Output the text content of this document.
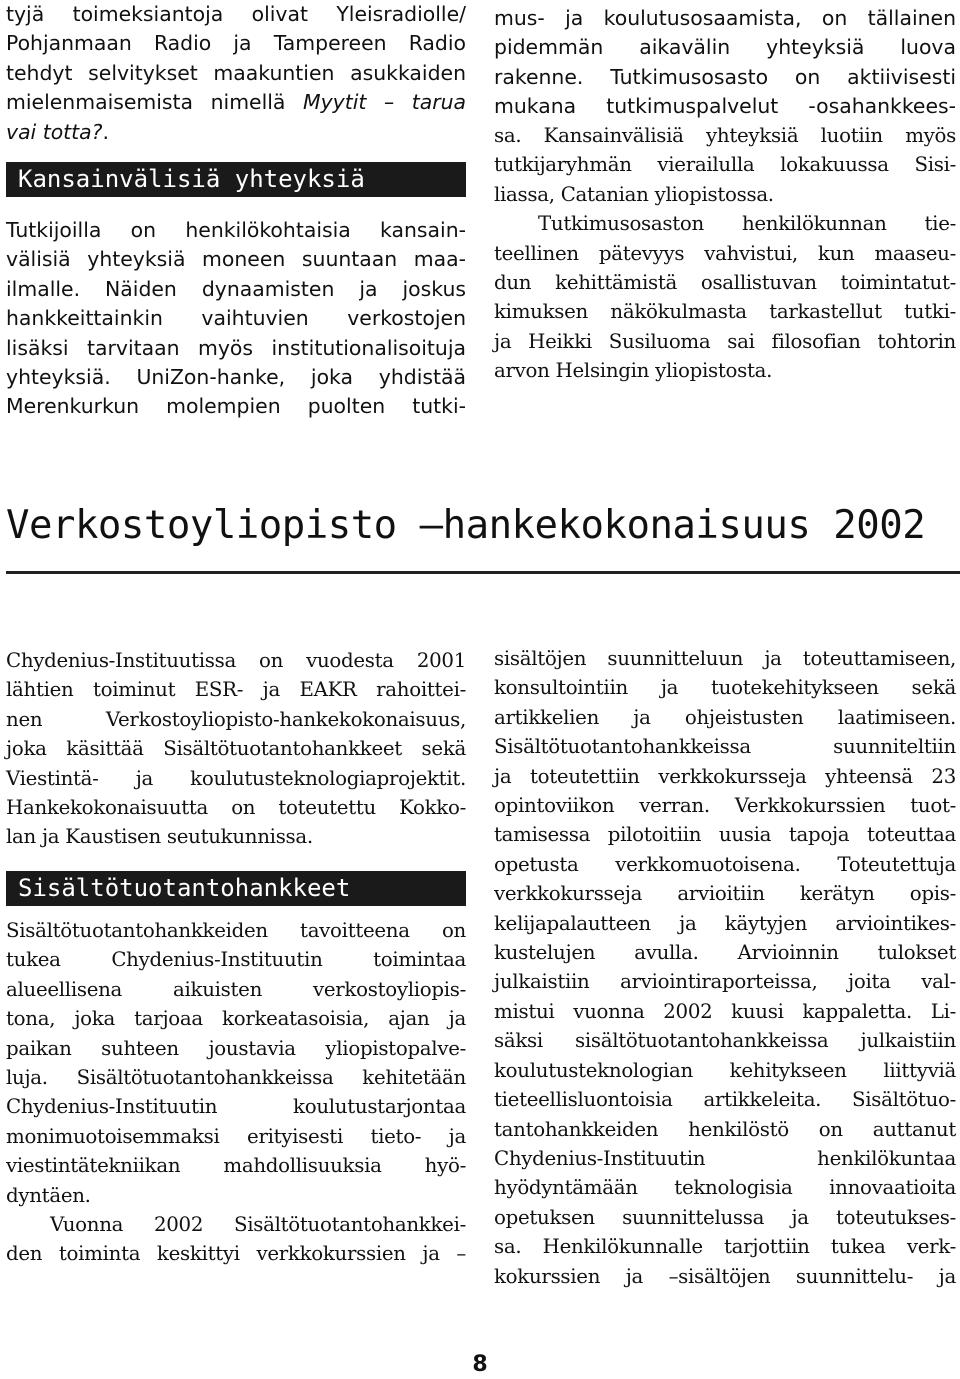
tyjä toimeksiantoja olivat Yleisradiolle/
Pohjanmaan Radio ja Tampereen Radio
tehdyt selvitykset maakuntien asukkaiden
mielenmaisemista nimellä Myytit – tarua
vai totta?.
Kansainvälisiä yhteyksiä
Tutkijoilla on henkilökohtaisia kansain-
välisiä yhteyksiä moneen suuntaan maa-
ilmalle. Näiden dynaamisten ja joskus
hankkeittainkin vaihtuvien verkostojen
lisäksi tarvitaan myös institutionalisoituja
yhteyksiä. UniZon-hanke, joka yhdistää
Merenkurkun molempien puolten tutki-
mus- ja koulutusosaamista, on tällainen
pidemmän aikavälin yhteyksiä luova
rakenne. Tutkimusosasto on aktiivisesti
mukana tutkimuspalvelut -osahankkees-
sa. Kansainvälisiä yhteyksiä luotiin myös
tutkijaryhmän vierailulla lokakuussa Sisi-
liassa, Catanian yliopistossa.
Tutkimusosaston henkilökunnan tie-
teellinen pätevyys vahvistui, kun maaseu-
dun kehittämistä osallistuvan toimintatut-
kimuksen näkökulmasta tarkastellut tutki-
ja Heikki Susiluoma sai filosofian tohtorin
arvon Helsingin yliopistosta.
Verkostoyliopisto –hankekokonaisuus 2002
Chydenius-Instituutissa on vuodesta 2001
lähtien toiminut ESR- ja EAKR rahoittei-
nen Verkostoyliopisto-hankekokonaisuus,
joka käsittää Sisältötuotantohankkeet sekä
Viestintä- ja koulutusteknologiaprojektit.
Hankekokonaisuutta on toteutettu Kokko-
lan ja Kaustisen seutukunnissa.
Sisältötuotantohankkeet
Sisältötuotantohankkeiden tavoitteena on
tukea Chydenius-Instituutin toimintaa
alueellisena aikuisten verkostoyliopis-
tona, joka tarjoaa korkeatasoisia, ajan ja
paikan suhteen joustavia yliopistopalve-
luja. Sisältötuotantohankkeissa kehitetään
Chydenius-Instituutin koulutustarjontaa
monimuotoisemmaksi erityisesti tieto- ja
viestintätekniikan mahdollisuuksia hyö-
dyntäen.
Vuonna 2002 Sisältötuotantohankkei-
den toiminta keskittyi verkkokurssien ja –
sisältöjen suunnitteluun ja toteuttamiseen,
konsultointiin ja tuotekehitykseen sekä
artikkelien ja ohjeistusten laatimiseen.
Sisältötuotantohankkeissa suunniteltiin
ja toteutettiin verkkokursseja yhteensä 23
opintoviikon verran. Verkkokurssien tuot-
tamisessa pilotoitiin uusia tapoja toteuttaa
opetusta verkkomuotoisena. Toteutettuja
verkkokursseja arvioitiin kerätyn opis-
kelijapalautteen ja käytyjen arviointikes-
kustelujen avulla. Arvioinnin tulokset
julkaistiin arviointiraporteissa, joita val-
mistui vuonna 2002 kuusi kappaletta. Li-
säksi sisältötuotantohankkeissa julkaistiin
koulutusteknologian kehitykseen liittyviä
tieteellisluontoisia artikkeleita. Sisältötuo-
tantohankkeiden henkilöstö on auttanut
Chydenius-Instituutin henkilökuntaa
hyödyntämään teknologisia innovaatioita
opetuksen suunnittelussa ja toteutukses-
sa. Henkilökunnalle tarjottiin tukea verk-
kokurssien ja –sisältöjen suunnittelu- ja
8
